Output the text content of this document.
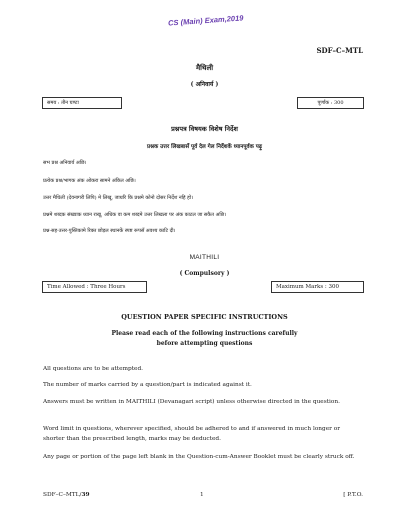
CS (Main) Exam,2019
SDF–C–MTL
मैथिली
( अनिवार्य )
समय : तीन घण्टा	पूर्णांक : 300
प्रश्नपत्र विषयक विशेष निर्देश
प्रश्नक उत्तर लिखबासँ पूर्व देल गेल निर्देशकें ध्यानपूर्वक पढ़ू
सभ प्रश्न अनिवार्य अछि।
प्रत्येक प्रश्न/भागक अंक ओकरा सामने अंकित अछि।
उत्तर मैथिली (देवनागरी लिपि) मे लिखू, जाधरि कि प्रश्नमे कोनो दोसर निर्देश नहि हो।
प्रश्नमे शब्दक संख्याक ध्यान राखू, अधिक वा कम शब्दमे उत्तर लिखला पर अंक काटल जा सकैत अछि।
प्रश्न-सह-उत्तर-पुस्तिकामे रिक्त छोड़ल स्थानकें स्पष्ट रूपसँ अवश्य काटि दी।
MAITHILI
( Compulsory )
Time Allowed : Three Hours	Maximum Marks : 300
QUESTION PAPER SPECIFIC INSTRUCTIONS
Please read each of the following instructions carefully
before attempting questions
All questions are to be attempted.
The number of marks carried by a question/part is indicated against it.
Answers must be written in MAITHILI (Devanagari script) unless otherwise directed in the question.
Word limit in questions, wherever specified, should be adhered to and if answered in much longer or shorter than the prescribed length, marks may be deducted.
Any page or portion of the page left blank in the Question-cum-Answer Booklet must be clearly struck off.
SDF–C–MTL/39	1	[ P.T.O.
